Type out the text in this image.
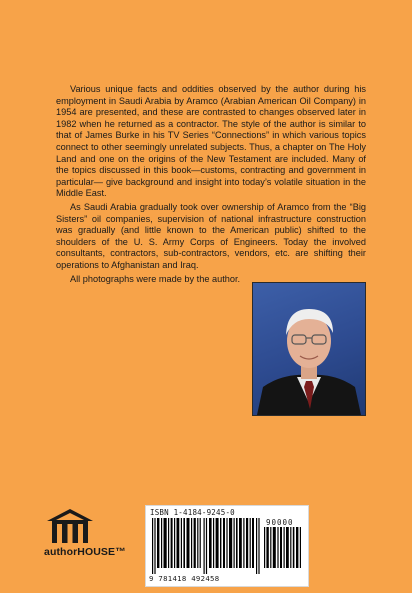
Various unique facts and oddities observed by the author during his employment in Saudi Arabia by Aramco (Arabian American Oil Company) in 1954 are presented, and these are contrasted to changes observed later in 1982 when he returned as a contractor. The style of the author is similar to that of James Burke in his TV Series “Connections” in which various topics connect to other seemingly unrelated subjects. Thus, a chapter on The Holy Land and one on the origins of the New Testament are included. Many of the topics discussed in this book—customs, contracting and government in particular— give background and insight into today’s volatile situation in the Middle East.

As Saudi Arabia gradually took over ownership of Aramco from the “Big Sisters” oil companies, supervision of national infrastructure construction was gradually (and little known to the American public) shifted to the shoulders of the U. S. Army Corps of Engineers. Today the involved consultants, contractors, sub-contractors, vendors, etc. are shifting their operations to Afghanistan and Iraq.

All photographs were made by the author.

authorHOUSE™
ISBN 1-4184-9245-0
90000
9 781418 492458
